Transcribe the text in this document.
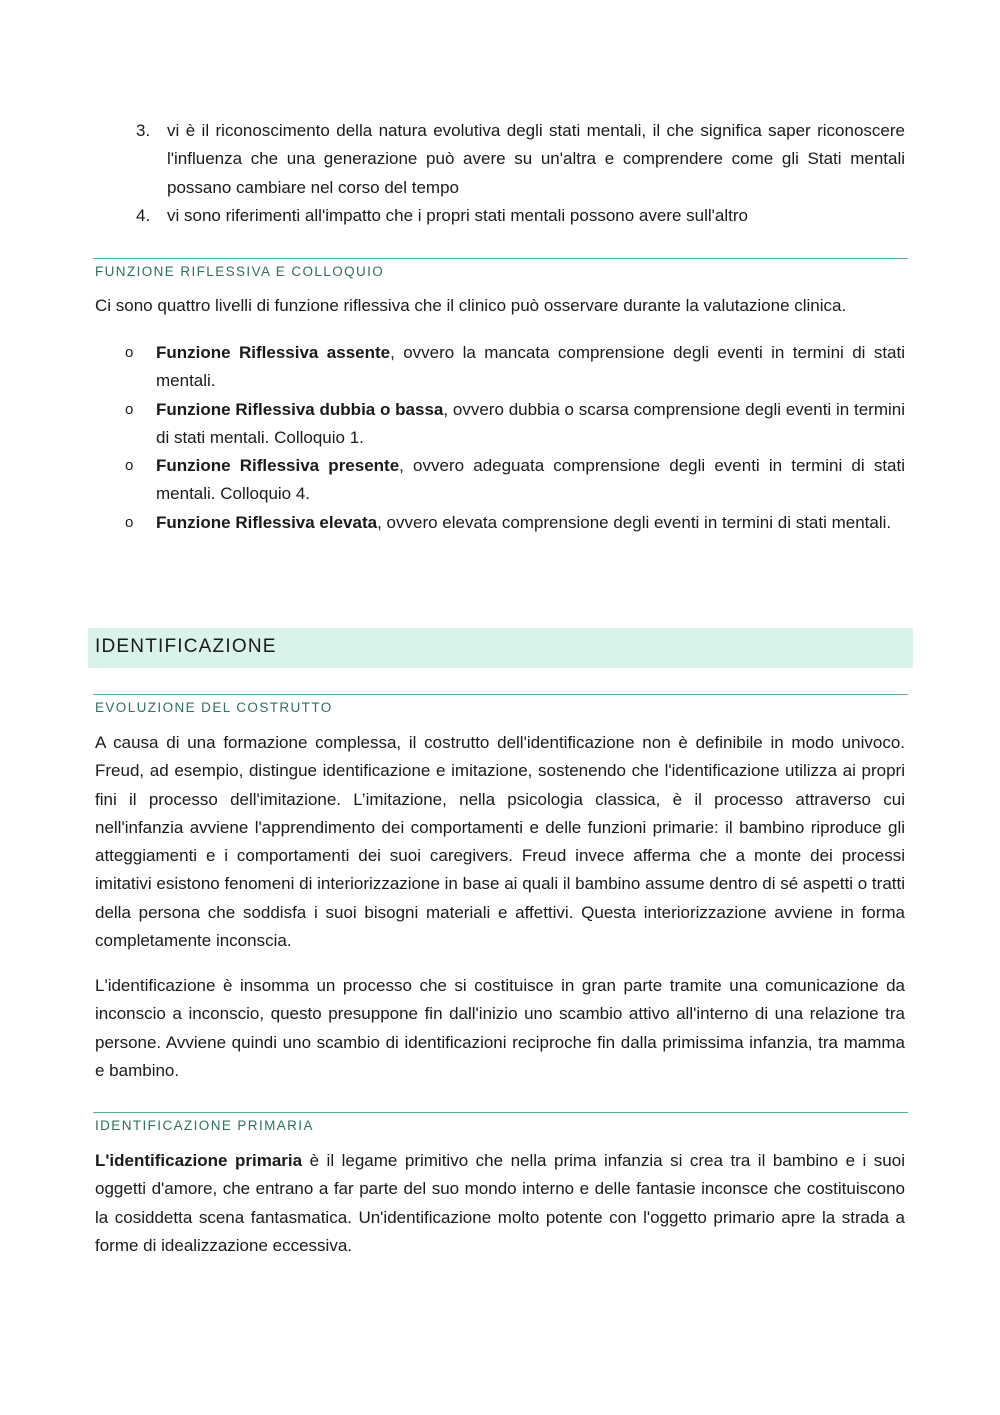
3. vi è il riconoscimento della natura evolutiva degli stati mentali, il che significa saper riconoscere l'influenza che una generazione può avere su un'altra e comprendere come gli Stati mentali possano cambiare nel corso del tempo
4. vi sono riferimenti all'impatto che i propri stati mentali possono avere sull'altro
FUNZIONE RIFLESSIVA E COLLOQUIO

Ci sono quattro livelli di funzione riflessiva che il clinico può osservare durante la valutazione clinica.

o Funzione Riflessiva assente, ovvero la mancata comprensione degli eventi in termini di stati mentali.
o Funzione Riflessiva dubbia o bassa, ovvero dubbia o scarsa comprensione degli eventi in termini di stati mentali. Colloquio 1.
o Funzione Riflessiva presente, ovvero adeguata comprensione degli eventi in termini di stati mentali. Colloquio 4.
o Funzione Riflessiva elevata, ovvero elevata comprensione degli eventi in termini di stati mentali.
IDENTIFICAZIONE
EVOLUZIONE DEL COSTRUTTO

A causa di una formazione complessa, il costrutto dell'identificazione non è definibile in modo univoco. Freud, ad esempio, distingue identificazione e imitazione, sostenendo che l'identificazione utilizza ai propri fini il processo dell'imitazione. L’imitazione, nella psicologia classica, è il processo attraverso cui nell'infanzia avviene l'apprendimento dei comportamenti e delle funzioni primarie: il bambino riproduce gli atteggiamenti e i comportamenti dei suoi caregivers. Freud invece afferma che a monte dei processi imitativi esistono fenomeni di interiorizzazione in base ai quali il bambino assume dentro di sé aspetti o tratti della persona che soddisfa i suoi bisogni materiali e affettivi. Questa interiorizzazione avviene in forma completamente inconscia.

L'identificazione è insomma un processo che si costituisce in gran parte tramite una comunicazione da inconscio a inconscio, questo presuppone fin dall'inizio uno scambio attivo all'interno di una relazione tra persone. Avviene quindi uno scambio di identificazioni reciproche fin dalla primissima infanzia, tra mamma e bambino.

IDENTIFICAZIONE PRIMARIA

L'identificazione primaria è il legame primitivo che nella prima infanzia si crea tra il bambino e i suoi oggetti d'amore, che entrano a far parte del suo mondo interno e delle fantasie inconsce che costituiscono la cosiddetta scena fantasmatica. Un'identificazione molto potente con l'oggetto primario apre la strada a forme di idealizzazione eccessiva.
